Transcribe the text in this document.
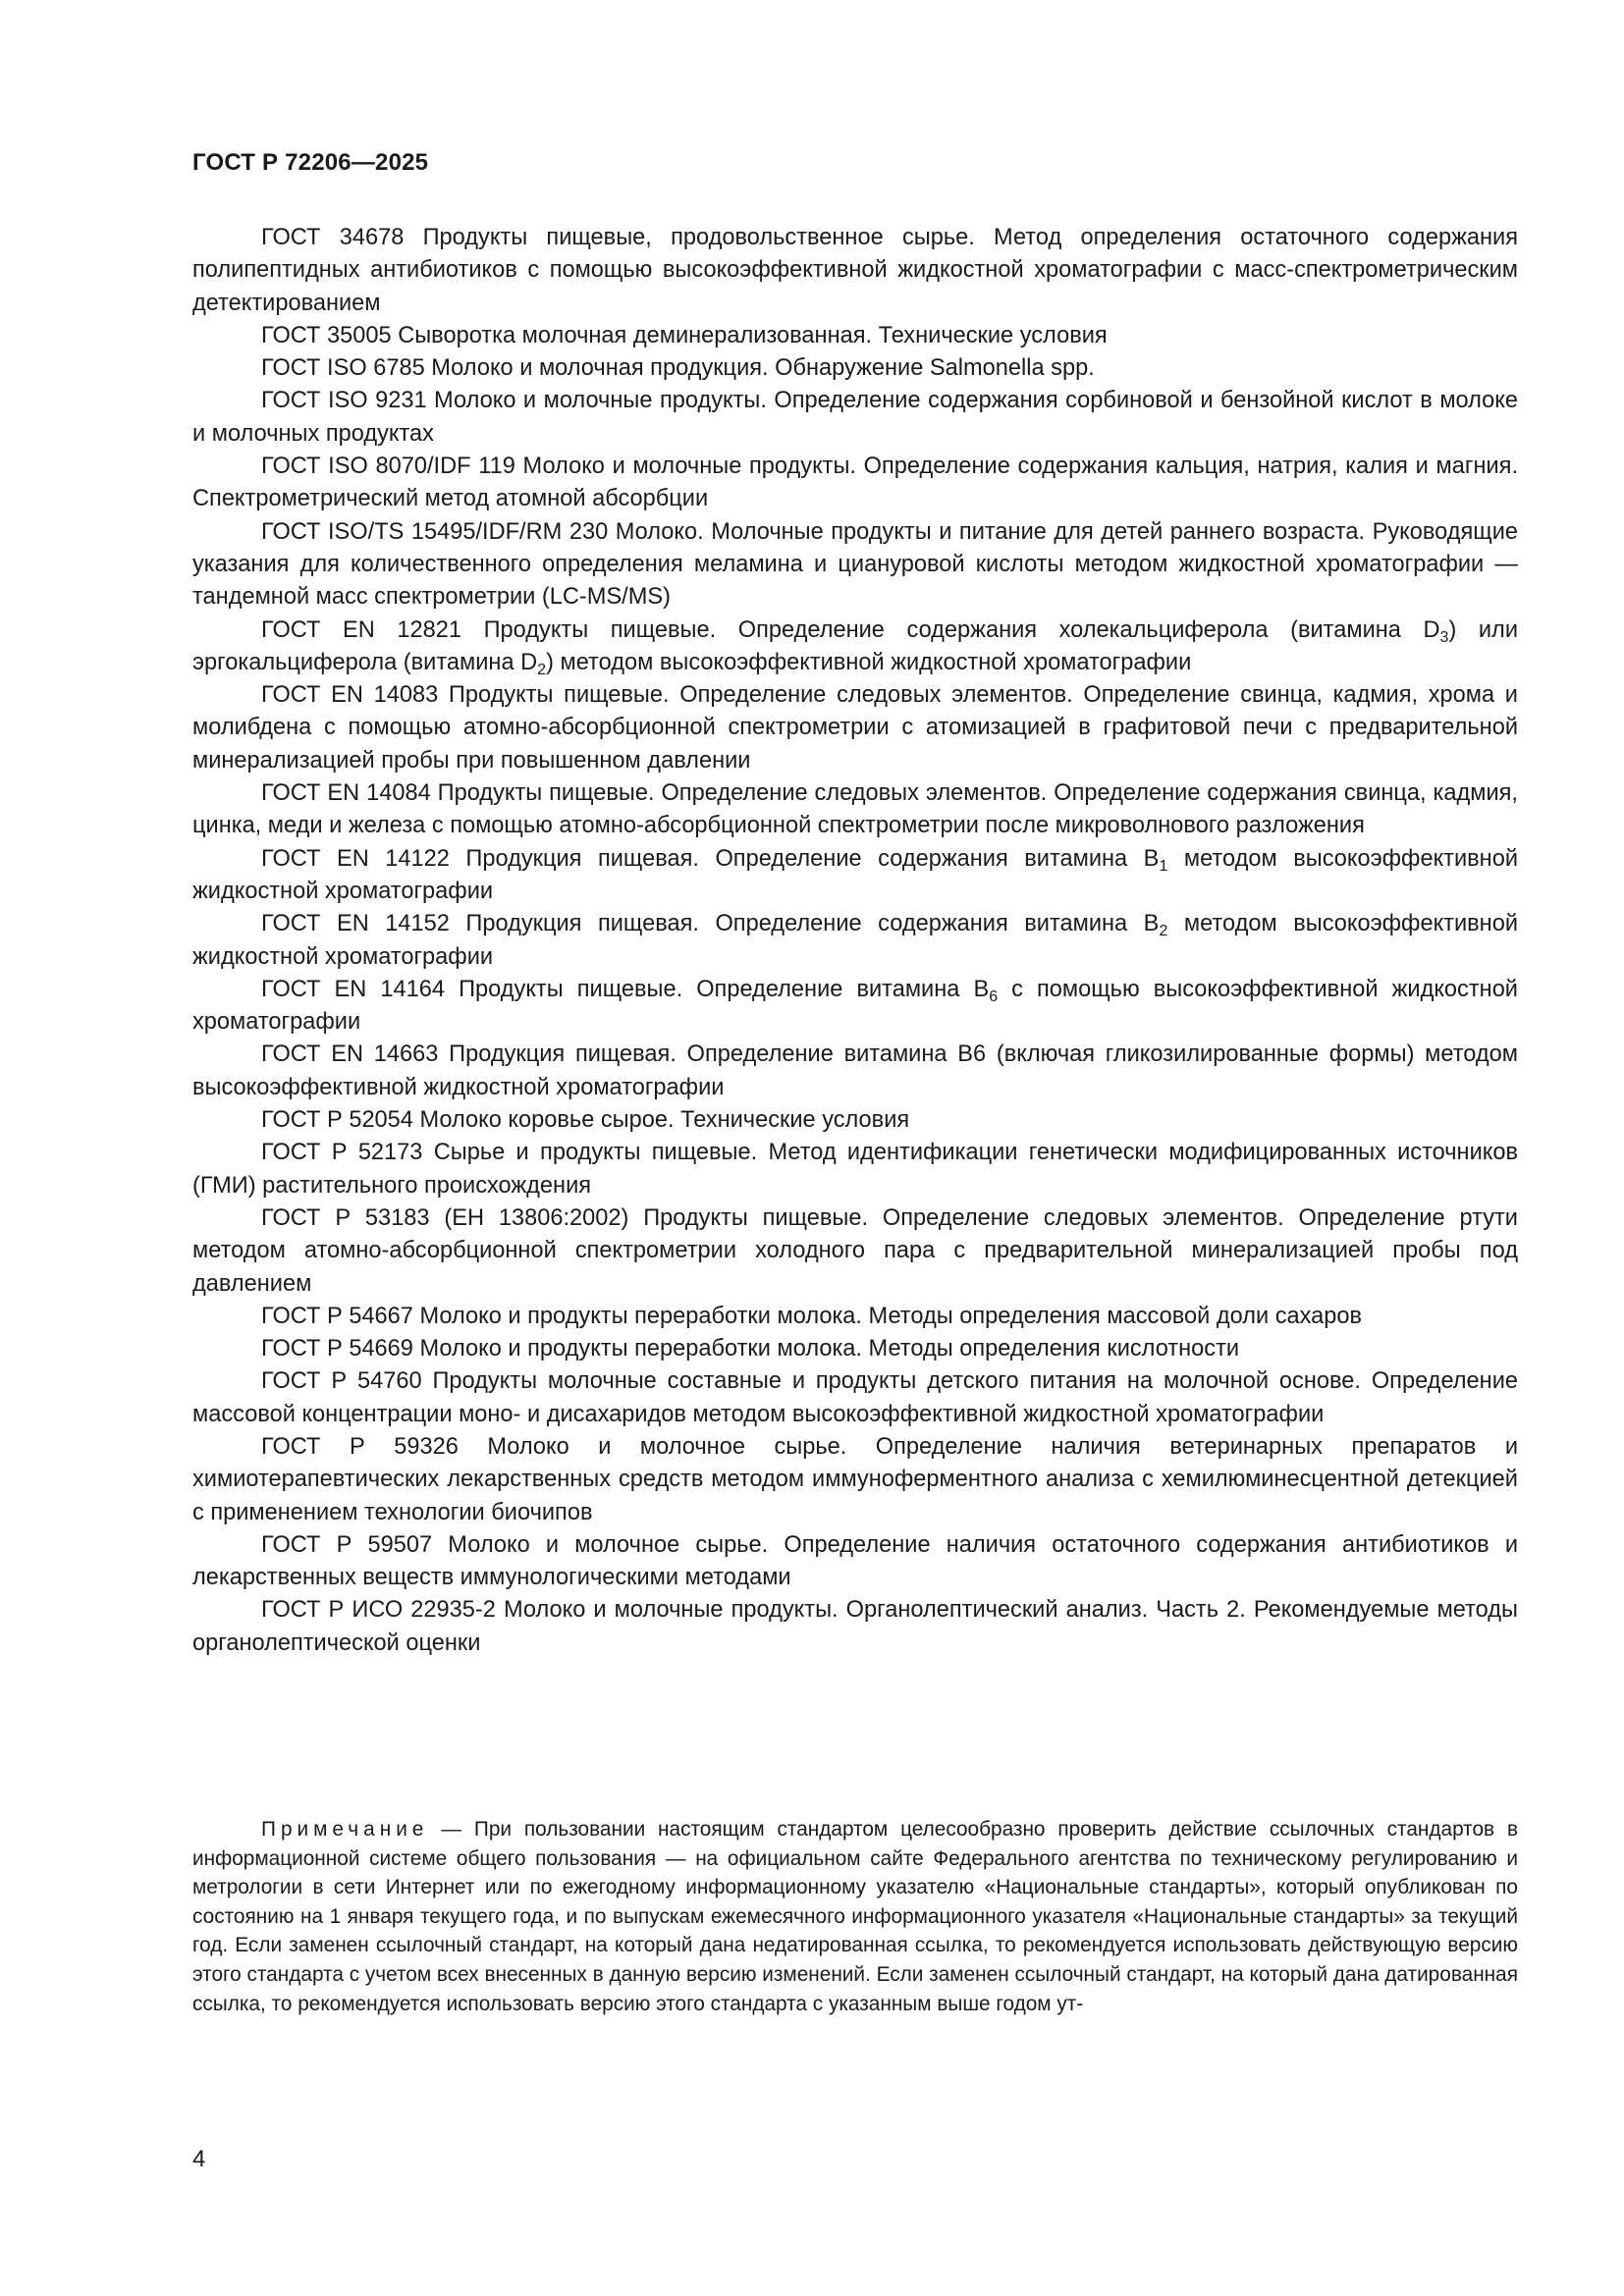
ГОСТ Р 72206—2025

ГОСТ 34678 Продукты пищевые, продовольственное сырье. Метод определения остаточного содержания полипептидных антибиотиков с помощью высокоэффективной жидкостной хроматографии с масс-спектрометрическим детектированием

ГОСТ 35005 Сыворотка молочная деминерализованная. Технические условия

ГОСТ ISO 6785 Молоко и молочная продукция. Обнаружение Salmonella spp.

ГОСТ ISO 9231 Молоко и молочные продукты. Определение содержания сорбиновой и бензойной кислот в молоке и молочных продуктах

ГОСТ ISO 8070/IDF 119 Молоко и молочные продукты. Определение содержания кальция, натрия, калия и магния. Спектрометрический метод атомной абсорбции

ГОСТ ISO/TS 15495/IDF/RM 230 Молоко. Молочные продукты и питание для детей раннего возраста. Руководящие указания для количественного определения меламина и циануровой кислоты методом жидкостной хроматографии — тандемной масс спектрометрии (LC-MS/MS)

ГОСТ EN 12821 Продукты пищевые. Определение содержания холекальциферола (витамина $D_3$) или эргокальциферола (витамина $D_2$) методом высокоэффективной жидкостной хроматографии

ГОСТ EN 14083 Продукты пищевые. Определение следовых элементов. Определение свинца, кадмия, хрома и молибдена с помощью атомно-абсорбционной спектрометрии с атомизацией в графитовой печи с предварительной минерализацией пробы при повышенном давлении

ГОСТ EN 14084 Продукты пищевые. Определение следовых элементов. Определение содержания свинца, кадмия, цинка, меди и железа с помощью атомно-абсорбционной спектрометрии после микроволнового разложения

ГОСТ EN 14122 Продукция пищевая. Определение содержания витамина $B_1$ методом высокоэффективной жидкостной хроматографии

ГОСТ EN 14152 Продукция пищевая. Определение содержания витамина $B_2$ методом высокоэффективной жидкостной хроматографии

ГОСТ EN 14164 Продукты пищевые. Определение витамина $B_6$ с помощью высокоэффективной жидкостной хроматографии

ГОСТ EN 14663 Продукция пищевая. Определение витамина B6 (включая гликозилированные формы) методом высокоэффективной жидкостной хроматографии

ГОСТ Р 52054 Молоко коровье сырое. Технические условия

ГОСТ Р 52173 Сырье и продукты пищевые. Метод идентификации генетически модифицированных источников (ГМИ) растительного происхождения

ГОСТ Р 53183 (ЕН 13806:2002) Продукты пищевые. Определение следовых элементов. Определение ртути методом атомно-абсорбционной спектрометрии холодного пара с предварительной минерализацией пробы под давлением

ГОСТ Р 54667 Молоко и продукты переработки молока. Методы определения массовой доли сахаров

ГОСТ Р 54669 Молоко и продукты переработки молока. Методы определения кислотности

ГОСТ Р 54760 Продукты молочные составные и продукты детского питания на молочной основе. Определение массовой концентрации моно- и дисахаридов методом высокоэффективной жидкостной хроматографии

ГОСТ Р 59326 Молоко и молочное сырье. Определение наличия ветеринарных препаратов и химиотерапевтических лекарственных средств методом иммуноферментного анализа с хемилюминесцентной детекцией с применением технологии биочипов

ГОСТ Р 59507 Молоко и молочное сырье. Определение наличия остаточного содержания антибиотиков и лекарственных веществ иммунологическими методами

ГОСТ Р ИСО 22935-2 Молоко и молочные продукты. Органолептический анализ. Часть 2. Рекомендуемые методы органолептической оценки

Примечание — При пользовании настоящим стандартом целесообразно проверить действие ссылочных стандартов в информационной системе общего пользования — на официальном сайте Федерального агентства по техническому регулированию и метрологии в сети Интернет или по ежегодному информационному указателю «Национальные стандарты», который опубликован по состоянию на 1 января текущего года, и по выпускам ежемесячного информационного указателя «Национальные стандарты» за текущий год. Если заменен ссылочный стандарт, на который дана недатированная ссылка, то рекомендуется использовать действующую версию этого стандарта с учетом всех внесенных в данную версию изменений. Если заменен ссылочный стандарт, на который дана датированная ссылка, то рекомендуется использовать версию этого стандарта с указанным выше годом ут-

4
